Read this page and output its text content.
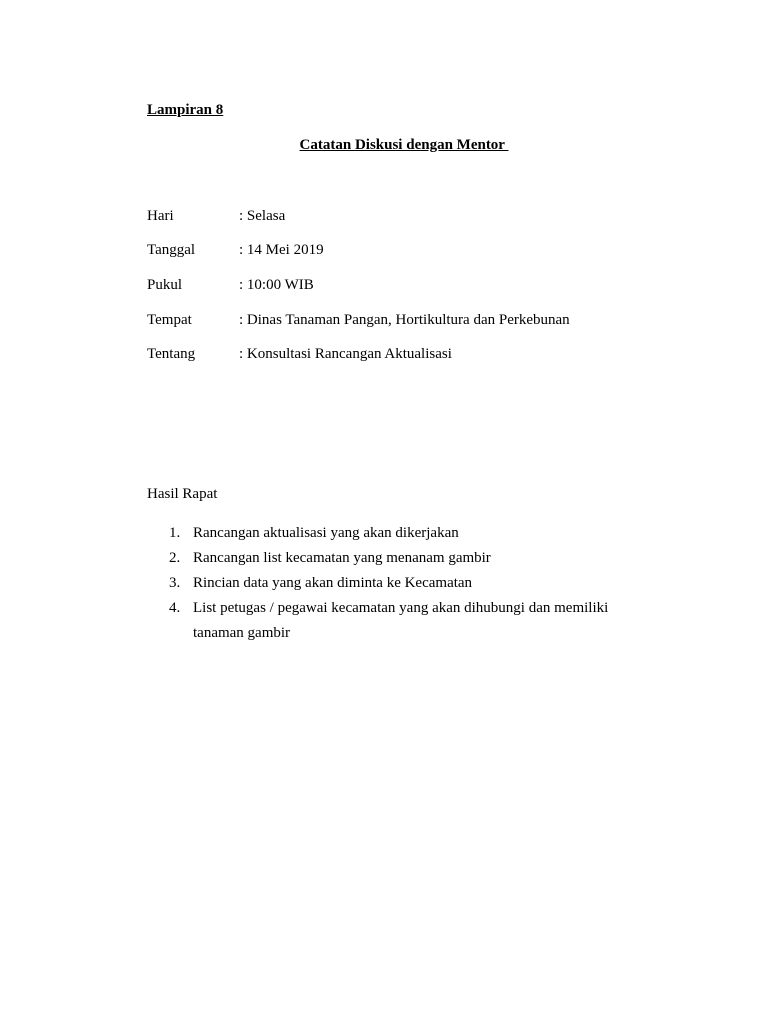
Lampiran 8
Catatan Diskusi dengan Mentor
Hari	: Selasa
Tanggal	: 14 Mei 2019
Pukul	: 10:00 WIB
Tempat	: Dinas Tanaman Pangan, Hortikultura dan Perkebunan
Tentang	: Konsultasi Rancangan Aktualisasi
Hasil Rapat
1. Rancangan aktualisasi yang akan dikerjakan
2. Rancangan list kecamatan yang menanam gambir
3. Rincian data yang akan diminta ke Kecamatan
4. List petugas / pegawai kecamatan yang akan dihubungi dan memiliki tanaman gambir
